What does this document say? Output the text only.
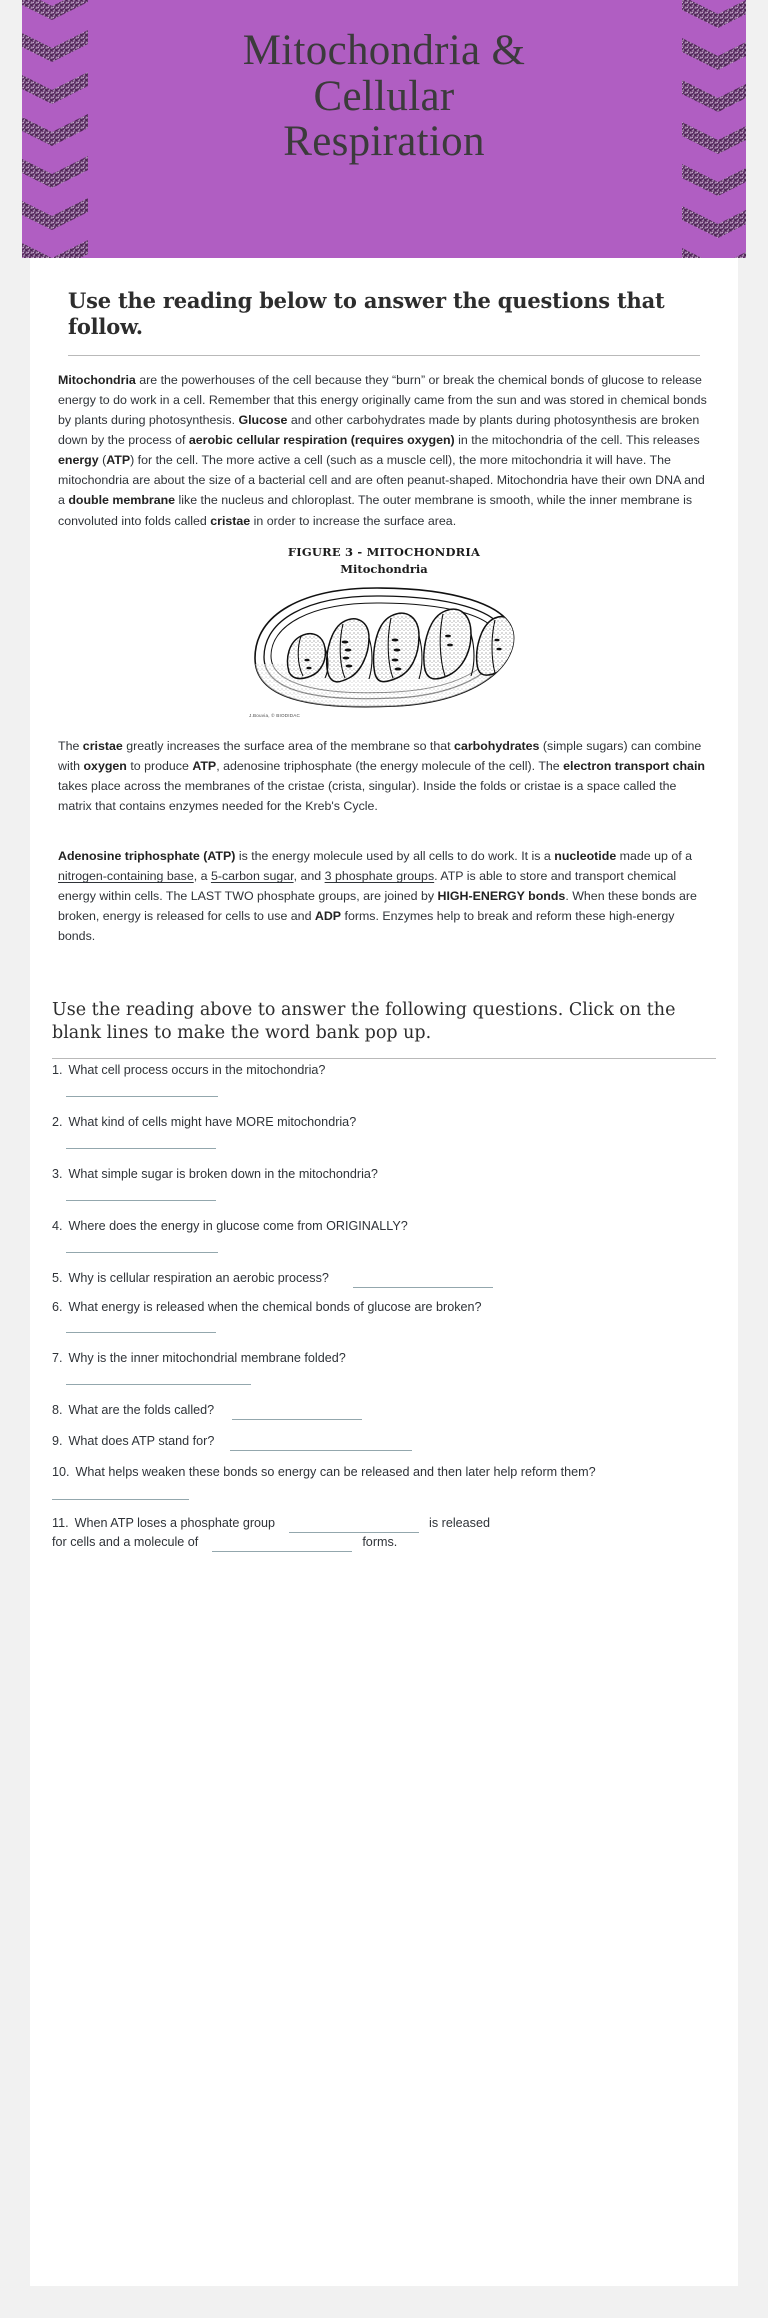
Mitochondria &
Cellular
Respiration
Use the reading below to answer the questions that follow.

Mitochondria are the powerhouses of the cell because they “burn” or break the chemical bonds of glucose to release energy to do work in a cell. Remember that this energy originally came from the sun and was stored in chemical bonds by plants during photosynthesis. Glucose and other carbohydrates made by plants during photosynthesis are broken down by the process of aerobic cellular respiration (requires oxygen) in the mitochondria of the cell. This releases energy (ATP) for the cell. The more active a cell (such as a muscle cell), the more mitochondria it will have. The mitochondria are about the size of a bacterial cell and are often peanut-shaped. Mitochondria have their own DNA and a double membrane like the nucleus and chloroplast. The outer membrane is smooth, while the inner membrane is convoluted into folds called cristae in order to increase the surface area.

FIGURE 3 - MITOCHONDRIA
Mitochondria
J.Bouvia, © BIODIDAC

The cristae greatly increases the surface area of the membrane so that carbohydrates (simple sugars) can combine with oxygen to produce ATP, adenosine triphosphate (the energy molecule of the cell). The electron transport chain takes place across the membranes of the cristae (crista, singular). Inside the folds or cristae is a space called the matrix that contains enzymes needed for the Kreb's Cycle.

Adenosine triphosphate (ATP) is the energy molecule used by all cells to do work. It is a nucleotide made up of a nitrogen-containing base, a 5-carbon sugar, and 3 phosphate groups. ATP is able to store and transport chemical energy within cells. The LAST TWO phosphate groups, are joined by HIGH-ENERGY bonds. When these bonds are broken, energy is released for cells to use and ADP forms. Enzymes help to break and reform these high-energy bonds.

Use the reading above to answer the following questions. Click on the blank lines to make the word bank pop up.
1. What cell process occurs in the mitochondria?
2. What kind of cells might have MORE mitochondria?
3. What simple sugar is broken down in the mitochondria?
4. Where does the energy in glucose come from ORIGINALLY?
5. Why is cellular respiration an aerobic process?
6. What energy is released when the chemical bonds of glucose are broken?
7. Why is the inner mitochondrial membrane folded?
8. What are the folds called?
9. What does ATP stand for?
10. What helps weaken these bonds so energy can be released and then later help reform them?
11. When ATP loses a phosphate group	is released
for cells and a molecule of	forms.
